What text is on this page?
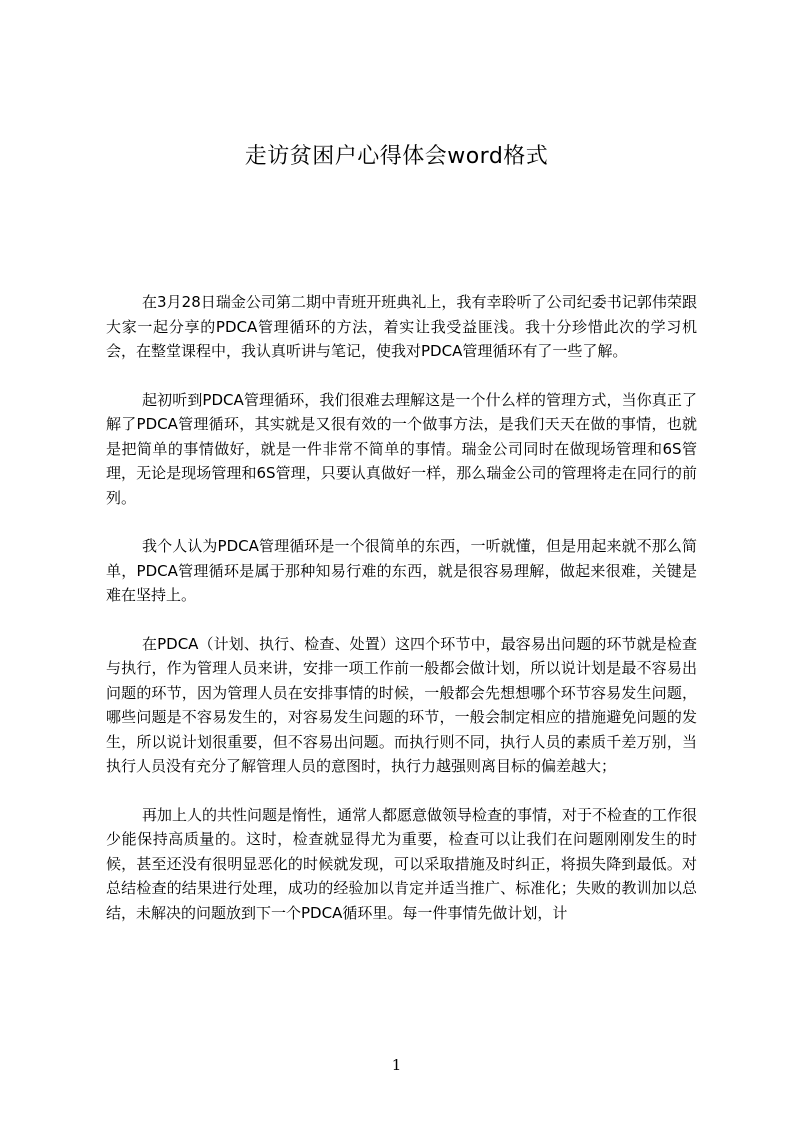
走访贫困户心得体会word格式

在3月28日瑞金公司第二期中青班开班典礼上，我有幸聆听了公司纪委书记郭伟荣跟大家一起分享的PDCA管理循环的方法，着实让我受益匪浅。我十分珍惜此次的学习机会，在整堂课程中，我认真听讲与笔记，使我对PDCA管理循环有了一些了解。

起初听到PDCA管理循环，我们很难去理解这是一个什么样的管理方式，当你真正了解了PDCA管理循环，其实就是又很有效的一个做事方法，是我们天天在做的事情，也就是把简单的事情做好，就是一件非常不简单的事情。瑞金公司同时在做现场管理和6S管理，无论是现场管理和6S管理，只要认真做好一样，那么瑞金公司的管理将走在同行的前列。

我个人认为PDCA管理循环是一个很简单的东西，一听就懂，但是用起来就不那么简单，PDCA管理循环是属于那种知易行难的东西，就是很容易理解，做起来很难，关键是难在坚持上。

在PDCA（计划、执行、检查、处置）这四个环节中，最容易出问题的环节就是检查与执行，作为管理人员来讲，安排一项工作前一般都会做计划，所以说计划是最不容易出问题的环节，因为管理人员在安排事情的时候，一般都会先想想哪个环节容易发生问题，哪些问题是不容易发生的，对容易发生问题的环节，一般会制定相应的措施避免问题的发生，所以说计划很重要，但不容易出问题。而执行则不同，执行人员的素质千差万别，当执行人员没有充分了解管理人员的意图时，执行力越强则离目标的偏差越大；

再加上人的共性问题是惰性，通常人都愿意做领导检查的事情，对于不检查的工作很少能保持高质量的。这时，检查就显得尤为重要，检查可以让我们在问题刚刚发生的时候，甚至还没有很明显恶化的时候就发现，可以采取措施及时纠正，将损失降到最低。对总结检查的结果进行处理，成功的经验加以肯定并适当推广、标准化；失败的教训加以总结，未解决的问题放到下一个PDCA循环里。每一件事情先做计划，计

1
